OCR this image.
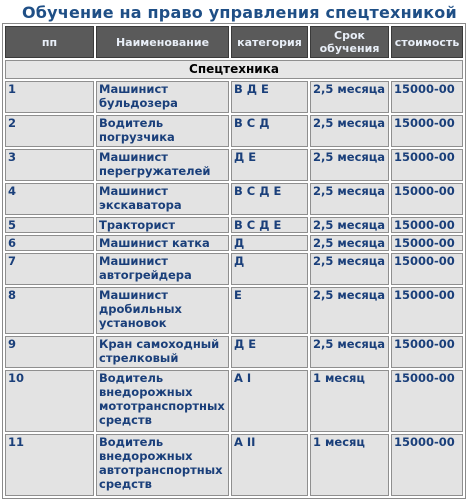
Обучение на право управления спецтехникой
пп	Наименование	категория	Срок обучения	стоимость
Спецтехника				
1	Машинист бульдозера	В Д Е	2,5 месяца	15000-00
2	Водитель погрузчика	В С Д	2,5 месяца	15000-00
3	Машинист перегружателей	Д Е	2,5 месяца	15000-00
4	Машинист экскаватора	В С Д Е	2,5 месяца	15000-00
5	Тракторист	В С Д Е	2,5 месяца	15000-00
6	Машинист катка	Д	2,5 месяца	15000-00
7	Машинист автогрейдера	Д	2,5 месяца	15000-00
8	Машинист дробильных установок	Е	2,5 месяца	15000-00
9	Кран самоходный стрелковый	Д Е	2,5 месяца	15000-00
10	Водитель внедорожных мототранспортных средств	А I	1 месяц	15000-00
11	Водитель внедорожных автотранспортных средств	А II	1 месяц	15000-00
